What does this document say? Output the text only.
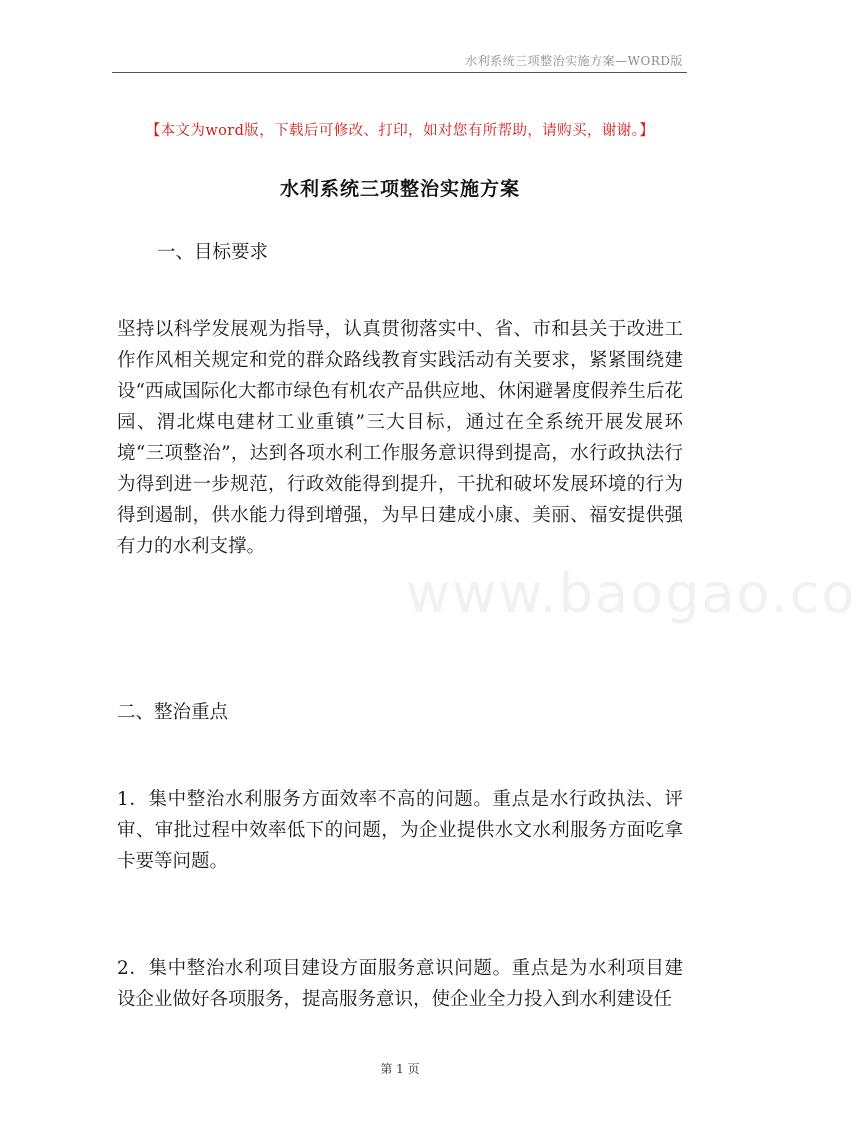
水利系统三项整治实施方案—WORD版
【本文为word版，下载后可修改、打印，如对您有所帮助，请购买，谢谢。】
水利系统三项整治实施方案
一、目标要求
坚持以科学发展观为指导，认真贯彻落实中、省、市和县关于改进工作作风相关规定和党的群众路线教育实践活动有关要求，紧紧围绕建设“西咸国际化大都市绿色有机农产品供应地、休闲避暑度假养生后花园、渭北煤电建材工业重镇”三大目标，通过在全系统开展发展环境“三项整治”，达到各项水利工作服务意识得到提高，水行政执法行为得到进一步规范，行政效能得到提升，干扰和破坏发展环境的行为得到遏制，供水能力得到增强，为早日建成小康、美丽、福安提供强有力的水利支撑。
www.baogao.co
二、整治重点
1．集中整治水利服务方面效率不高的问题。重点是水行政执法、评审、审批过程中效率低下的问题，为企业提供水文水利服务方面吃拿卡要等问题。
2．集中整治水利项目建设方面服务意识问题。重点是为水利项目建设企业做好各项服务，提高服务意识，使企业全力投入到水利建设任
第 1 页
